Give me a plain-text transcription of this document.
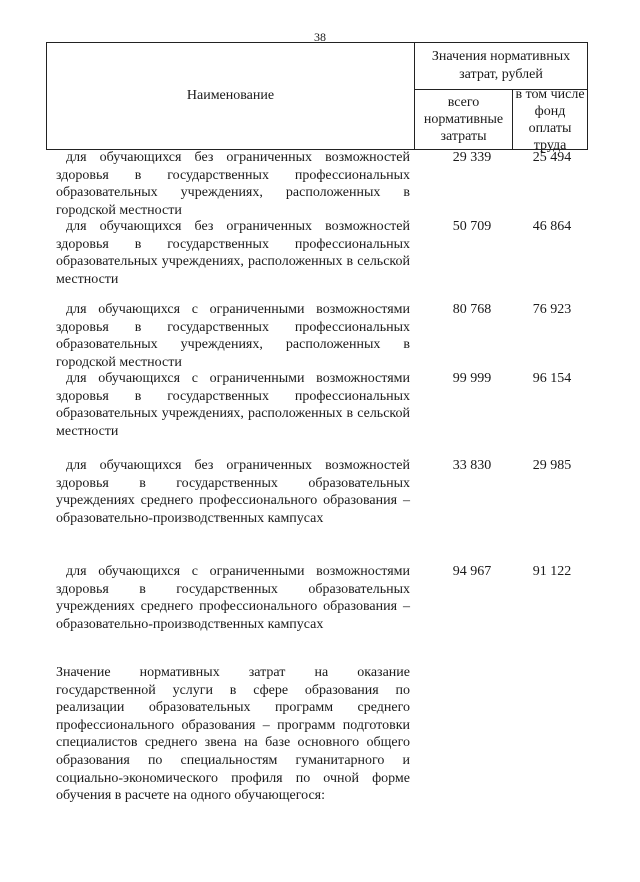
38
Наименование
Значения нормативных затрат, рублей
всего нормативные затраты
в том числе фонд оплаты труда
для обучающихся без ограниченных возможностей здоровья в государственных профессиональных образовательных учреждениях, расположенных в городской местности
29 339	25 494
для обучающихся без ограниченных возможностей здоровья в государственных профессиональных образовательных учреждениях, расположенных в сельской местности
50 709	46 864
для обучающихся с ограниченными возможностями здоровья в государственных профессиональных образовательных учреждениях, расположенных в городской местности
80 768	76 923
для обучающихся с ограниченными возможностями здоровья в государственных профессиональных образовательных учреждениях, расположенных в сельской местности
99 999	96 154
для обучающихся без ограниченных возможностей здоровья в государственных образовательных учреждениях среднего профессионального образования – образовательно-производственных кампусах
33 830	29 985
для обучающихся с ограниченными возможностями здоровья в государственных образовательных учреждениях среднего профессионального образования – образовательно-производственных кампусах
94 967	91 122
Значение нормативных затрат на оказание государственной услуги в сфере образования по реализации образовательных программ среднего профессионального образования – программ подготовки специалистов среднего звена на базе основного общего образования по специальностям гуманитарного и социально-экономического профиля по очной форме обучения в расчете на одного обучающегося:
